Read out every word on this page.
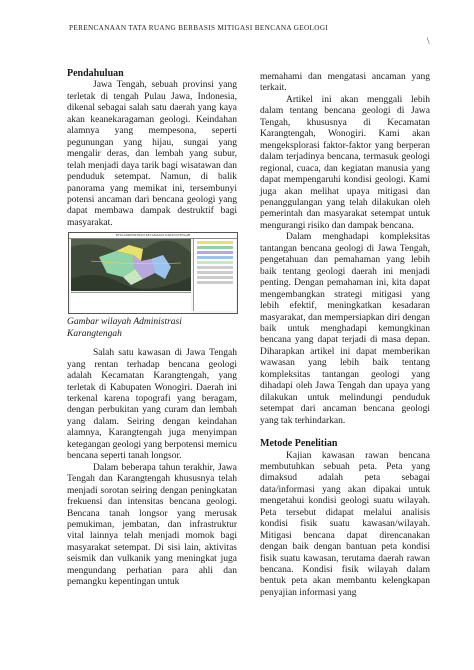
PERENCANAAN TATA RUANG BERBASIS MITIGASI BENCANA GEOLOGI
\
Pendahuluan

Jawa Tengah, sebuah provinsi yang terletak di tengah Pulau Jawa, Indonesia, dikenal sebagai salah satu daerah yang kaya akan keanekaragaman geologi. Keindahan alamnya yang mempesona, seperti pegunungan yang hijau, sungai yang mengalir deras, dan lembah yang subur, telah menjadi daya tarik bagi wisatawan dan penduduk setempat. Namun, di balik panorama yang memikat ini, tersembunyi potensi ancaman dari bencana geologi yang dapat membawa dampak destruktif bagi masyarakat.

PETA ADMINISTRASI KECAMATAN KARANGTENGAH
Gambar wilayah Administrasi Karangtengah

Salah satu kawasan di Jawa Tengah yang rentan terhadap bencana geologi adalah Kecamatan Karangtengah, yang terletak di Kabupaten Wonogiri. Daerah ini terkenal karena topografi yang beragam, dengan perbukitan yang curam dan lembah yang dalam. Seiring dengan keindahan alamnya, Karangtengah juga menyimpan ketegangan geologi yang berpotensi memicu bencana seperti tanah longsor.

Dalam beberapa tahun terakhir, Jawa Tengah dan Karangtengah khususnya telah menjadi sorotan seiring dengan peningkatan frekuensi dan intensitas bencana geologi. Bencana tanah longsor yang merusak pemukiman, jembatan, dan infrastruktur vital lainnya telah menjadi momok bagi masyarakat setempat. Di sisi lain, aktivitas seismik dan vulkanik yang meningkat juga mengundang perhatian para ahli dan pemangku kepentingan untuk

memahami dan mengatasi ancaman yang terkait.

Artikel ini akan menggali lebih dalam tentang bencana geologi di Jawa Tengah, khususnya di Kecamatan Karangtengah, Wonogiri. Kami akan mengeksplorasi faktor-faktor yang berperan dalam terjadinya bencana, termasuk geologi regional, cuaca, dan kegiatan manusia yang dapat mempengaruhi kondisi geologi. Kami juga akan melihat upaya mitigasi dan penanggulangan yang telah dilakukan oleh pemerintah dan masyarakat setempat untuk mengurangi risiko dan dampak bencana.

Dalam menghadapi kompleksitas tantangan bencana geologi di Jawa Tengah, pengetahuan dan pemahaman yang lebih baik tentang geologi daerah ini menjadi penting. Dengan pemahaman ini, kita dapat mengembangkan strategi mitigasi yang lebih efektif, meningkatkan kesadaran masyarakat, dan mempersiapkan diri dengan baik untuk menghadapi kemungkinan bencana yang dapat terjadi di masa depan. Diharapkan artikel ini dapat memberikan wawasan yang lebih baik tentang kompleksitas tantangan geologi yang dihadapi oleh Jawa Tengah dan upaya yang dilakukan untuk melindungi penduduk setempat dari ancaman bencana geologi yang tak terhindarkan.

Metode Penelitian

Kajian kawasan rawan bencana membutuhkan sebuah peta. Peta yang dimaksud adalah peta sebagai data/informasi yang akan dipakai untuk mengetahui kondisi geologi suatu wilayah. Peta tersebut didapat melalui analisis kondisi fisik suatu kawasan/wilayah. Mitigasi bencana dapat direncanakan dengan baik dengan bantuan peta kondisi fisik suatu kawasan, terutama daerah rawan bencana. Kondisi fisik wilayah dalam bentuk peta akan membantu kelengkapan penyajian informasi yang
